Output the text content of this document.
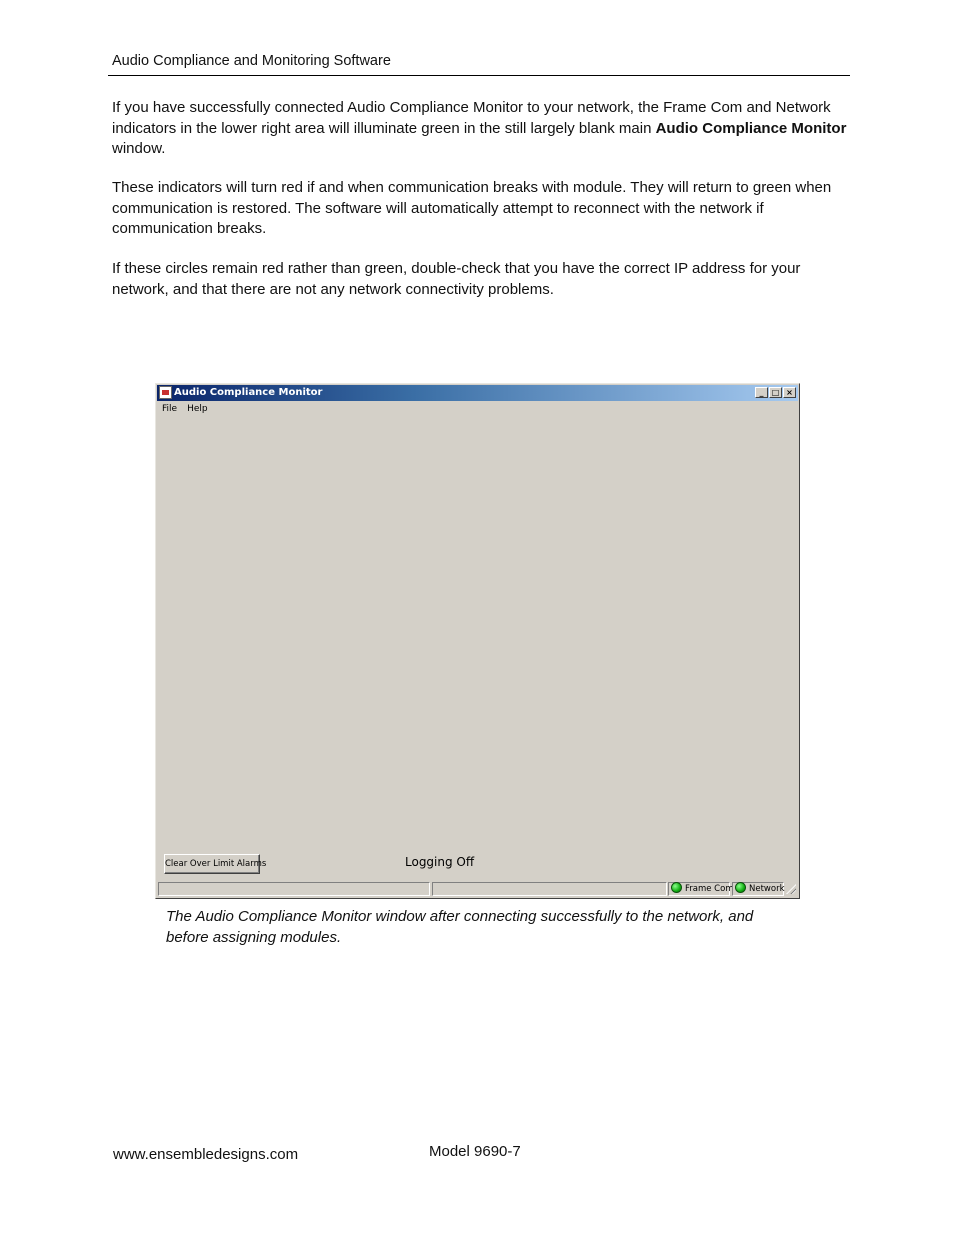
Audio Compliance and Monitoring Software

If you have successfully connected Audio Compliance Monitor to your network, the Frame Com and Network indicators in the lower right area will illuminate green in the still largely blank main Audio Compliance Monitor window.

These indicators will turn red if and when communication breaks with module. They will return to green when communication is restored. The software will automatically attempt to reconnect with the network if communication breaks.

If these circles remain red rather than green, double-check that you have the correct IP address for your network, and that there are not any network connectivity problems.

Audio Compliance Monitor	_	□ ×
File Help
Clear Over Limit Alarms	Logging Off
Frame Com	Network

The Audio Compliance Monitor window after connecting successfully to the network, and before assigning modules.

www.ensembledesigns.com	Model 9690-7
